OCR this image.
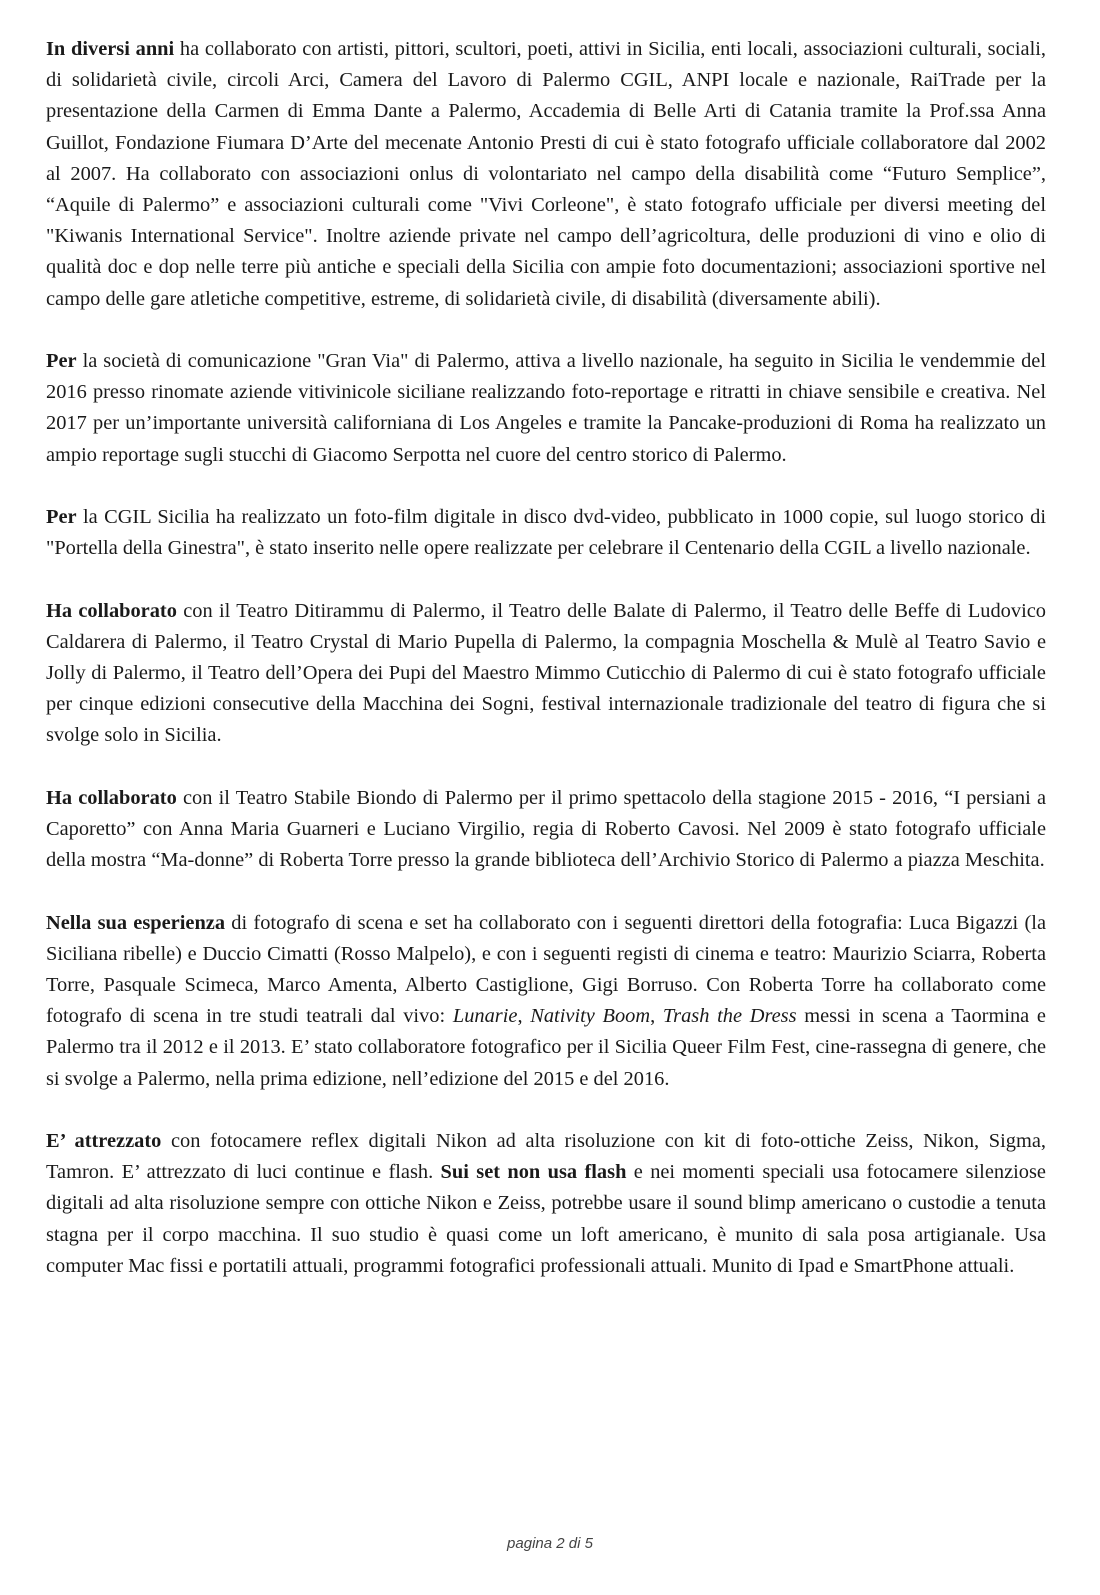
In diversi anni ha collaborato con artisti, pittori, scultori, poeti, attivi in Sicilia, enti locali, associazioni culturali, sociali, di solidarietà civile, circoli Arci, Camera del Lavoro di Palermo CGIL, ANPI locale e nazionale, RaiTrade per la presentazione della Carmen di Emma Dante a Palermo, Accademia di Belle Arti di Catania tramite la Prof.ssa Anna Guillot, Fondazione Fiumara D’Arte del mecenate Antonio Presti di cui è stato fotografo ufficiale collaboratore dal 2002 al 2007. Ha collaborato con associazioni onlus di volontariato nel campo della disabilità come “Futuro Semplice”, “Aquile di Palermo” e associazioni culturali come "Vivi Corleone", è stato fotografo ufficiale per diversi meeting del "Kiwanis International Service". Inoltre aziende private nel campo dell’agricoltura, delle produzioni di vino e olio di qualità doc e dop nelle terre più antiche e speciali della Sicilia con ampie foto documentazioni; associazioni sportive nel campo delle gare atletiche competitive, estreme, di solidarietà civile, di disabilità (diversamente abili).

Per la società di comunicazione "Gran Via" di Palermo, attiva a livello nazionale, ha seguito in Sicilia le vendemmie del 2016 presso rinomate aziende vitivinicole siciliane realizzando foto-reportage e ritratti in chiave sensibile e creativa. Nel 2017 per un’importante università californiana di Los Angeles e tramite la Pancake-produzioni di Roma ha realizzato un ampio reportage sugli stucchi di Giacomo Serpotta nel cuore del centro storico di Palermo.

Per la CGIL Sicilia ha realizzato un foto-film digitale in disco dvd-video, pubblicato in 1000 copie, sul luogo storico di "Portella della Ginestra", è stato inserito nelle opere realizzate per celebrare il Centenario della CGIL a livello nazionale.

Ha collaborato con il Teatro Ditirammu di Palermo, il Teatro delle Balate di Palermo, il Teatro delle Beffe di Ludovico Caldarera di Palermo, il Teatro Crystal di Mario Pupella di Palermo, la compagnia Moschella & Mulè al Teatro Savio e Jolly di Palermo, il Teatro dell’Opera dei Pupi del Maestro Mimmo Cuticchio di Palermo di cui è stato fotografo ufficiale per cinque edizioni consecutive della Macchina dei Sogni, festival internazionale tradizionale del teatro di figura che si svolge solo in Sicilia.

Ha collaborato con il Teatro Stabile Biondo di Palermo per il primo spettacolo della stagione 2015 - 2016, “I persiani a Caporetto” con Anna Maria Guarneri e Luciano Virgilio, regia di Roberto Cavosi. Nel 2009 è stato fotografo ufficiale della mostra “Ma-donne” di Roberta Torre presso la grande biblioteca dell’Archivio Storico di Palermo a piazza Meschita.

Nella sua esperienza di fotografo di scena e set ha collaborato con i seguenti direttori della fotografia: Luca Bigazzi (la Siciliana ribelle) e Duccio Cimatti (Rosso Malpelo), e con i seguenti registi di cinema e teatro: Maurizio Sciarra, Roberta Torre, Pasquale Scimeca, Marco Amenta, Alberto Castiglione, Gigi Borruso. Con Roberta Torre ha collaborato come fotografo di scena in tre studi teatrali dal vivo: Lunarie, Nativity Boom, Trash the Dress messi in scena a Taormina e Palermo tra il 2012 e il 2013. E’ stato collaboratore fotografico per il Sicilia Queer Film Fest, cine-rassegna di genere, che si svolge a Palermo, nella prima edizione, nell’edizione del 2015 e del 2016.

E’ attrezzato con fotocamere reflex digitali Nikon ad alta risoluzione con kit di foto-ottiche Zeiss, Nikon, Sigma, Tamron. E’ attrezzato di luci continue e flash. Sui set non usa flash e nei momenti speciali usa fotocamere silenziose digitali ad alta risoluzione sempre con ottiche Nikon e Zeiss, potrebbe usare il sound blimp americano o custodie a tenuta stagna per il corpo macchina. Il suo studio è quasi come un loft americano, è munito di sala posa artigianale. Usa computer Mac fissi e portatili attuali, programmi fotografici professionali attuali. Munito di Ipad e SmartPhone attuali.

pagina 2 di 5
